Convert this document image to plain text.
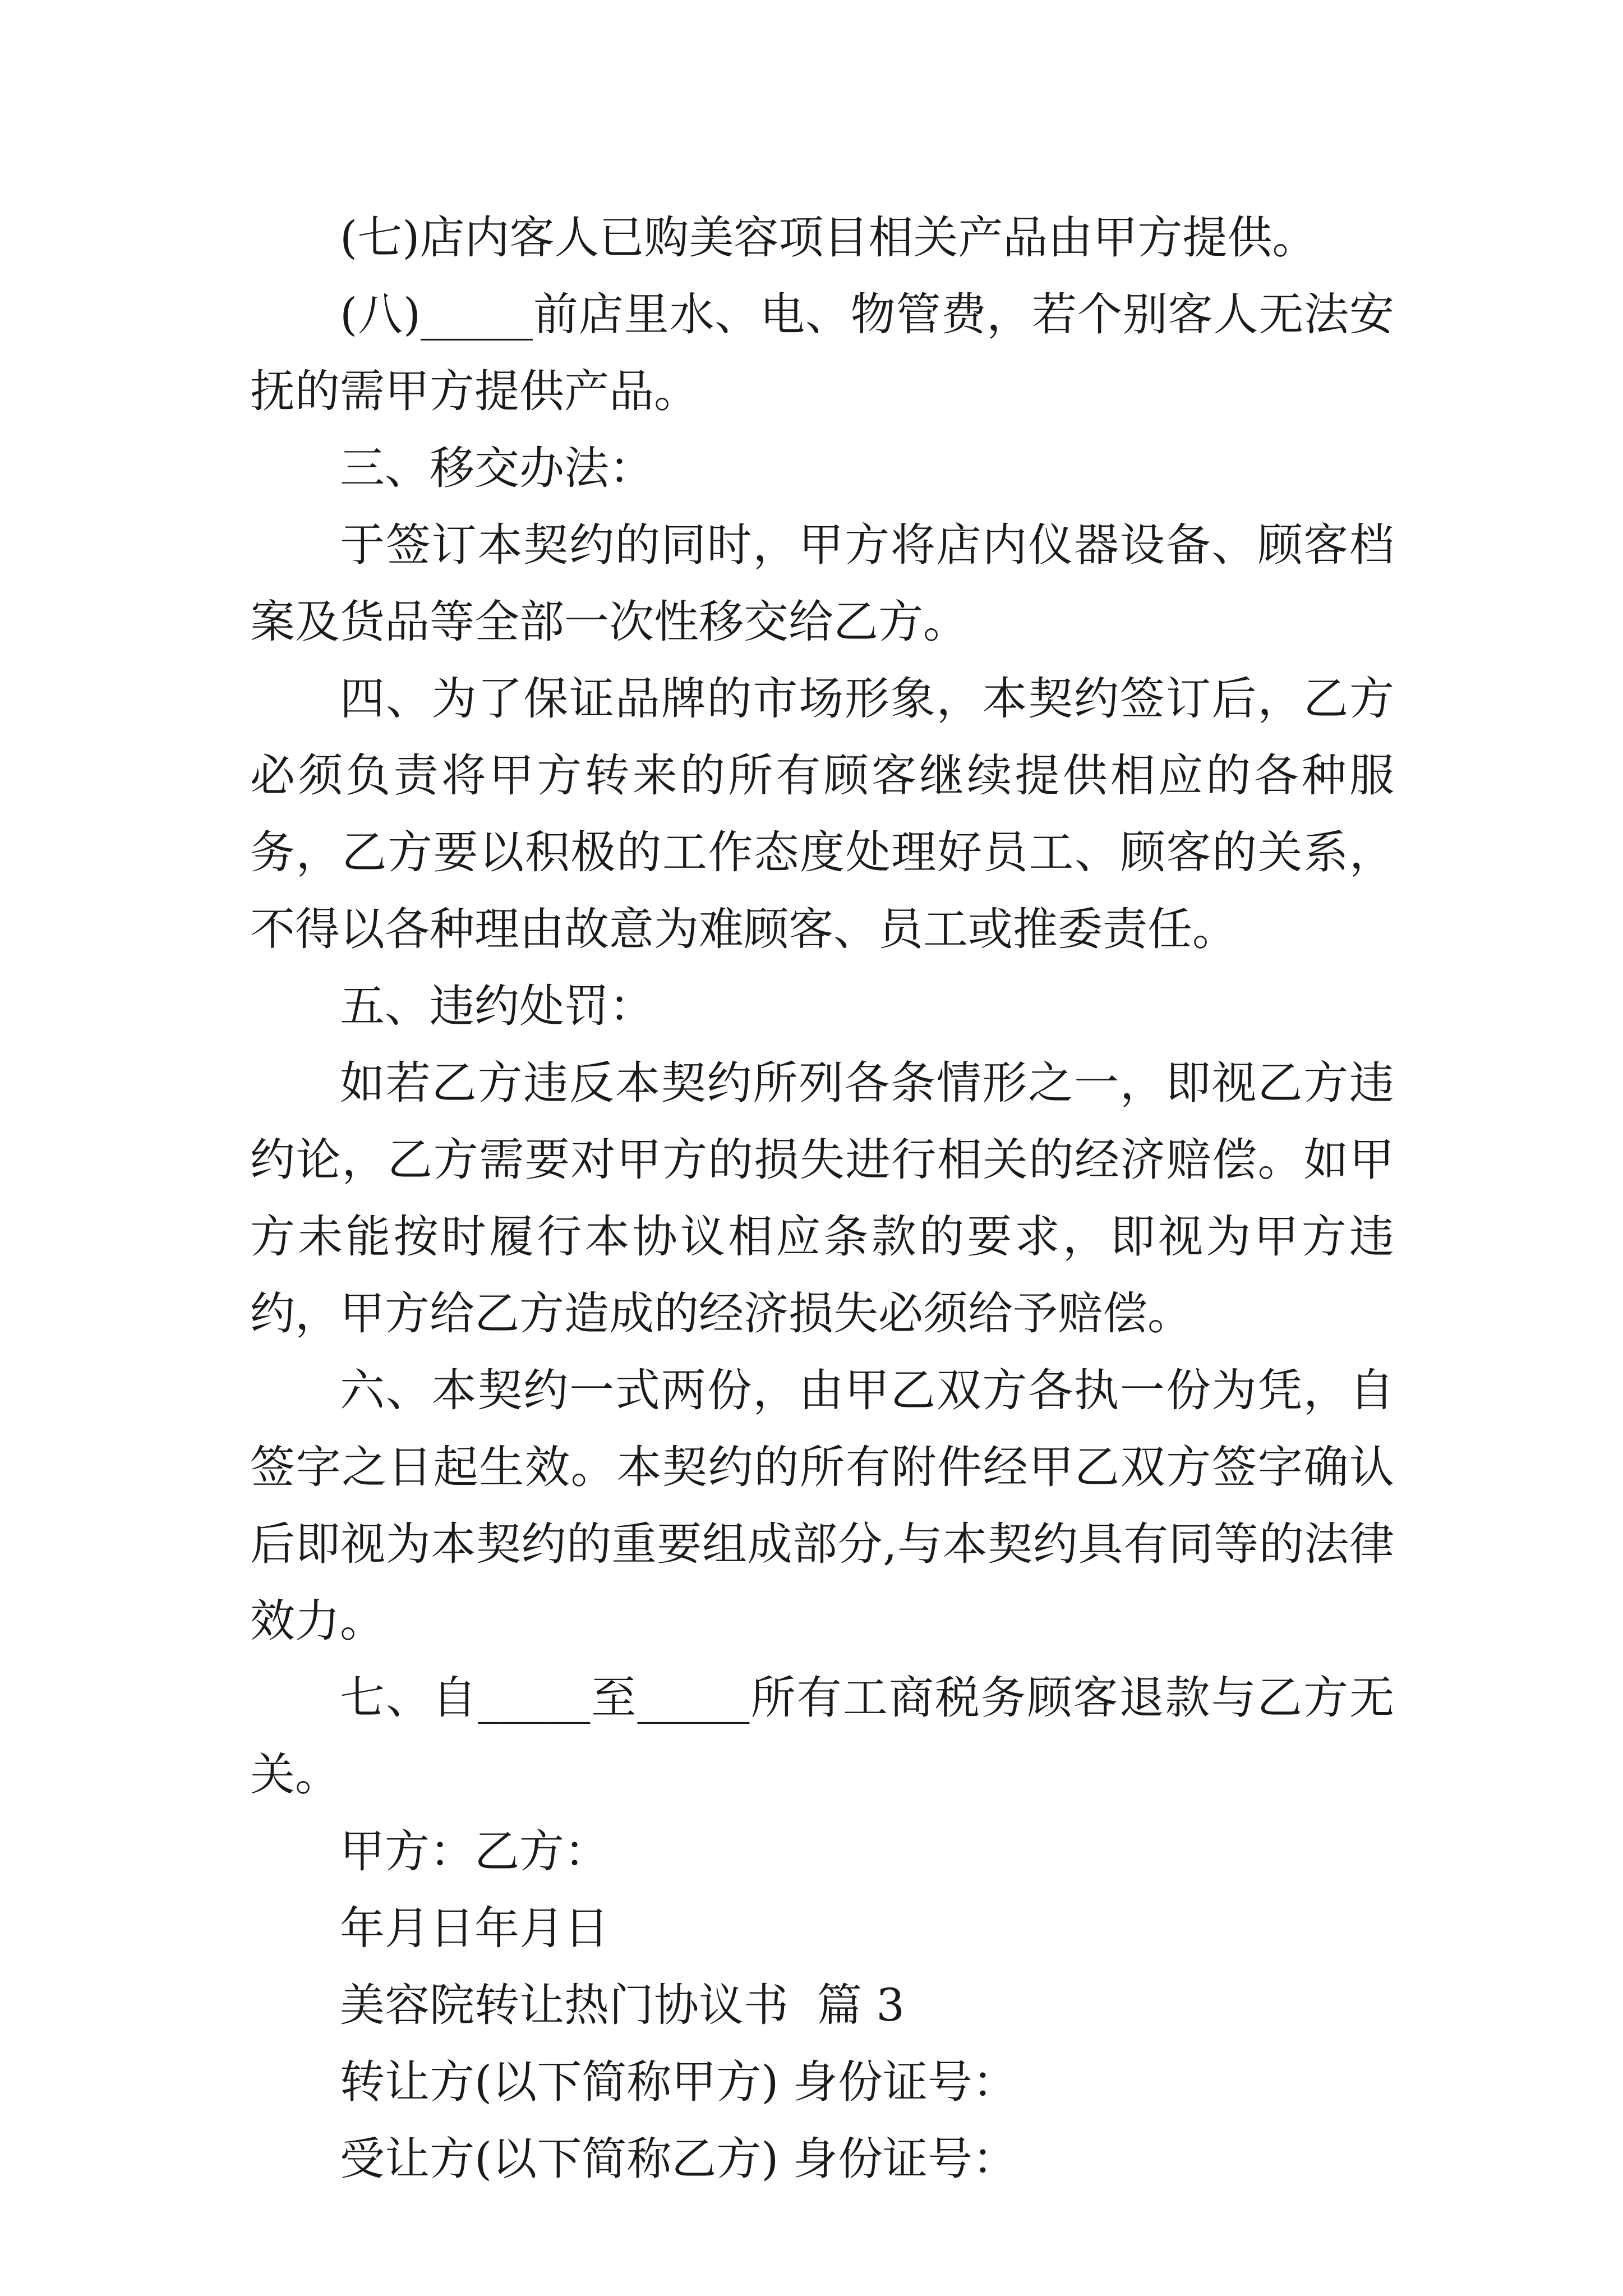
(七)店内客人已购美容项目相关产品由甲方提供。

(八)_____前店里水、电、物管费，若个别客人无法安抚的需甲方提供产品。

三、移交办法：

于签订本契约的同时，甲方将店内仪器设备、顾客档案及货品等全部一次性移交给乙方。

四、为了保证品牌的市场形象，本契约签订后，乙方必须负责将甲方转来的所有顾客继续提供相应的各种服务，乙方要以积极的工作态度处理好员工、顾客的关系，不得以各种理由故意为难顾客、员工或推委责任。

五、违约处罚：

如若乙方违反本契约所列各条情形之一，即视乙方违约论，乙方需要对甲方的损失进行相关的经济赔偿。如甲方未能按时履行本协议相应条款的要求，即视为甲方违约，甲方给乙方造成的经济损失必须给予赔偿。

六、本契约一式两份，由甲乙双方各执一份为凭，自签字之日起生效。本契约的所有附件经甲乙双方签字确认后即视为本契约的重要组成部分,与本契约具有同等的法律效力。

七、自_____至_____所有工商税务顾客退款与乙方无关。

甲方：乙方：

年月日年月日

美容院转让热门协议书  篇 3

转让方(以下简称甲方) 身份证号：

受让方(以下简称乙方) 身份证号：
